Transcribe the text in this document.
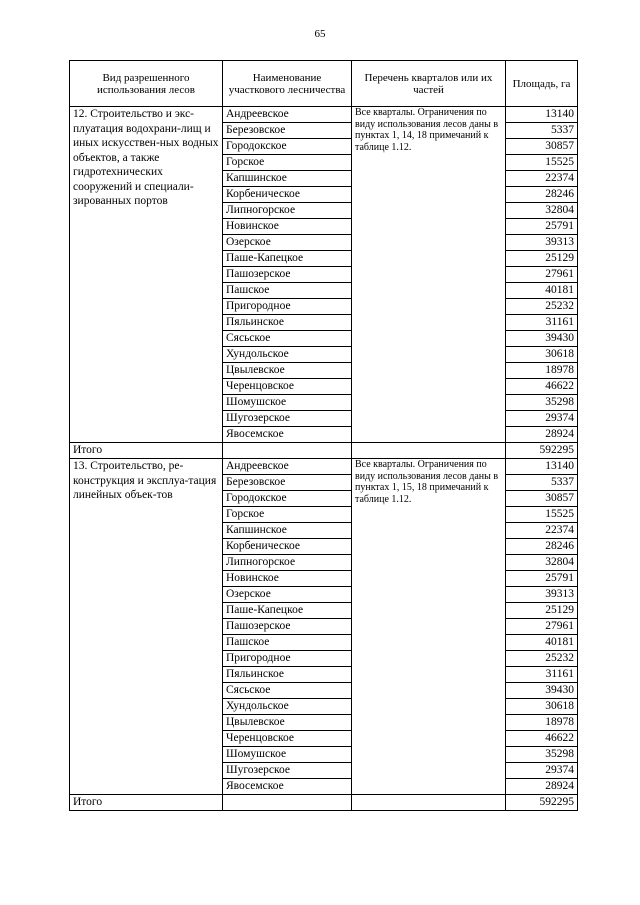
65
Вид разрешенного использования лесов	Наименование участкового лесничества	Перечень кварталов или их частей	Площадь, га
12. Строительство и экс-плуатация водохрани-лищ и иных искусствен-ных водных объектов, а также гидротехнических сооружений и специали-зированных портов	Андреевское	Все кварталы. Ограничения по виду использования лесов даны в пунктах 1, 14, 18 примечаний к таблице 1.12.	13140
	Березовское		5337
	Городокское		30857
	Горское		15525
	Капшинское		22374
	Корбеническое		28246
	Липногорское		32804
	Новинское		25791
	Озерское		39313
	Паше-Капецкое		25129
	Пашозерское		27961
	Пашское		40181
	Пригородное		25232
	Пяльинское		31161
	Сясьское		39430
	Хундольское		30618
	Цвылевское		18978
	Черенцовское		46622
	Шомушское		35298
	Шугозерское		29374
	Явосемское		28924
Итого			592295
13. Строительство, ре-конструкция и эксплуа-тация линейных объек-тов	Андреевское	Все кварталы. Ограничения по виду использования лесов даны в пунктах 1, 15, 18 примечаний к таблице 1.12.	13140
	Березовское		5337
	Городокское		30857
	Горское		15525
	Капшинское		22374
	Корбеническое		28246
	Липногорское		32804
	Новинское		25791
	Озерское		39313
	Паше-Капецкое		25129
	Пашозерское		27961
	Пашское		40181
	Пригородное		25232
	Пяльинское		31161
	Сясьское		39430
	Хундольское		30618
	Цвылевское		18978
	Черенцовское		46622
	Шомушское		35298
	Шугозерское		29374
	Явосемское		28924
Итого			592295
